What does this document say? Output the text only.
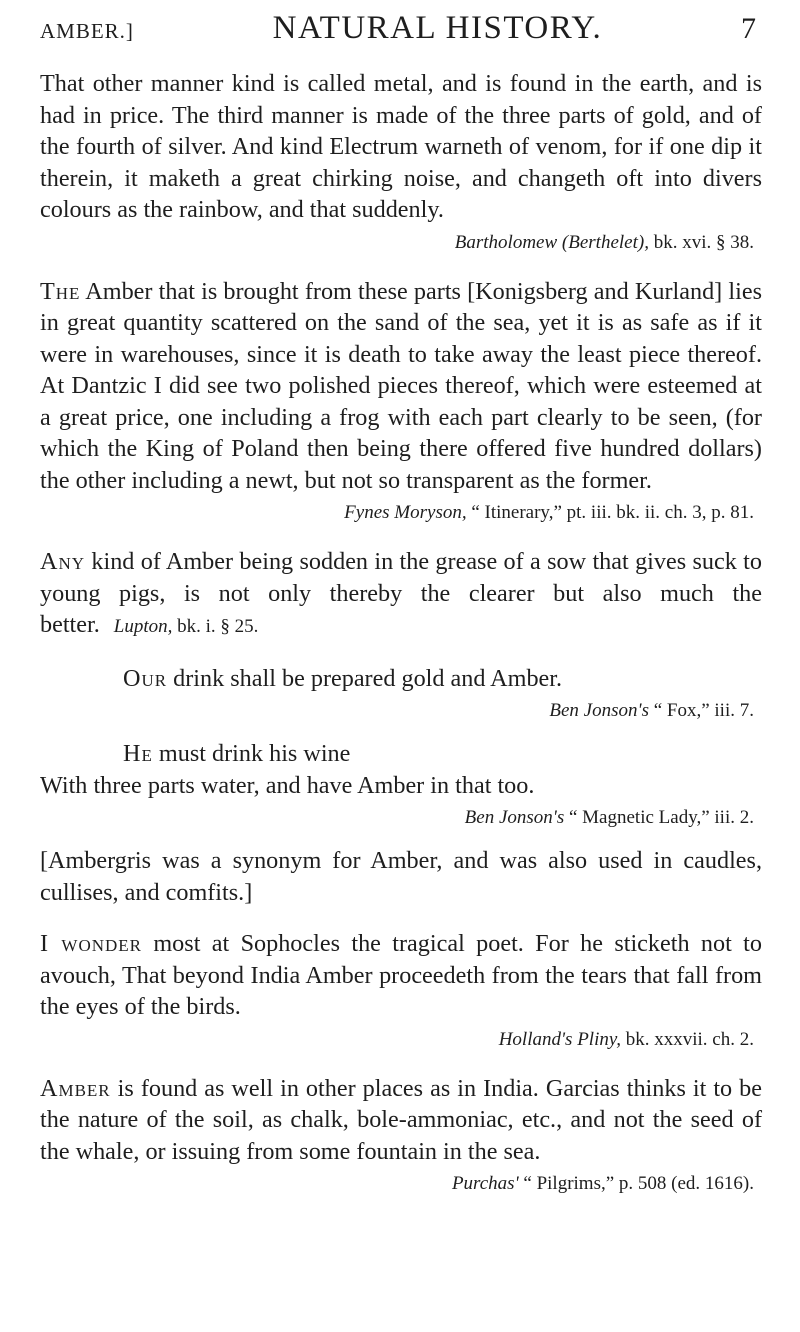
AMBER.]	NATURAL HISTORY.	7

That other manner kind is called metal, and is found in the earth, and is had in price. The third manner is made of the three parts of gold, and of the fourth of silver. And kind Electrum warneth of venom, for if one dip it therein, it maketh a great chirking noise, and changeth oft into divers colours as the rainbow, and that suddenly.

Bartholomew (Berthelet), bk. xvi. § 38.

The Amber that is brought from these parts [Konigsberg and Kurland] lies in great quantity scattered on the sand of the sea, yet it is as safe as if it were in warehouses, since it is death to take away the least piece thereof. At Dantzic I did see two polished pieces thereof, which were esteemed at a great price, one including a frog with each part clearly to be seen, (for which the King of Poland then being there offered five hundred dollars) the other including a newt, but not so transparent as the former.

Fynes Moryson, “ Itinerary,” pt. iii. bk. ii. ch. 3, p. 81.

Any kind of Amber being sodden in the grease of a sow that gives suck to young pigs, is not only thereby the clearer but also much the better. Lupton, bk. i. § 25.

Our drink shall be prepared gold and Amber.

Ben Jonson's “ Fox,” iii. 7.

He must drink his wine

With three parts water, and have Amber in that too.

Ben Jonson's “ Magnetic Lady,” iii. 2.

[Ambergris was a synonym for Amber, and was also used in caudles, cullises, and comfits.]

I wonder most at Sophocles the tragical poet. For he sticketh not to avouch, That beyond India Amber proceedeth from the tears that fall from the eyes of the birds.

Holland's Pliny, bk. xxxvii. ch. 2.

Amber is found as well in other places as in India. Garcias thinks it to be the nature of the soil, as chalk, bole-ammoniac, etc., and not the seed of the whale, or issuing from some fountain in the sea.

Purchas' “ Pilgrims,” p. 508 (ed. 1616).
